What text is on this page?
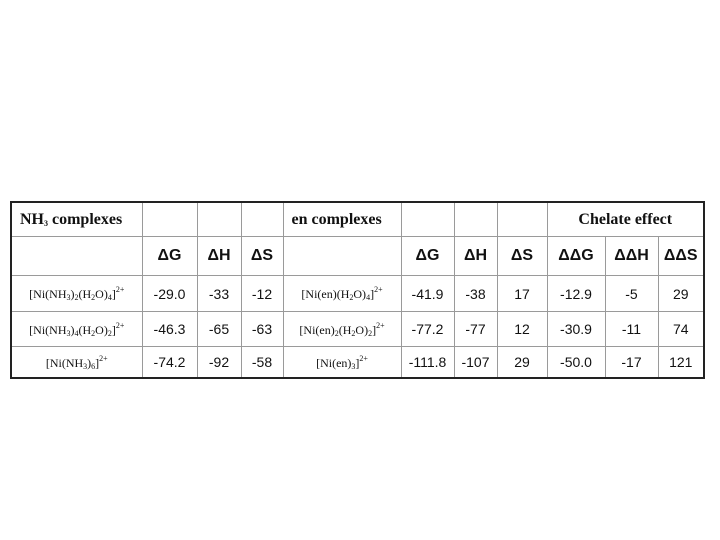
$NH_3$ complexes				en complexes				Chelate effect		
	ΔG	ΔH	ΔS		ΔG	ΔH	ΔS	ΔΔG	ΔΔH	ΔΔS
$[Ni(NH_3)_2(H_2O)_4]^{2+}$	-29.0	-33	-12	$[Ni(en)(H_2O)_4]^{2+}$	-41.9	-38	17	-12.9	-5	29
$[Ni(NH_3)_4(H_2O)_2]^{2+}$	-46.3	-65	-63	$[Ni(en)_2(H_2O)_2]^{2+}$	-77.2	-77	12	-30.9	-11	74
$[Ni(NH_3)_6]^{2+}$	-74.2	-92	-58	$[Ni(en)_3]^{2+}$	-111.8	-107	29	-50.0	-17	121
